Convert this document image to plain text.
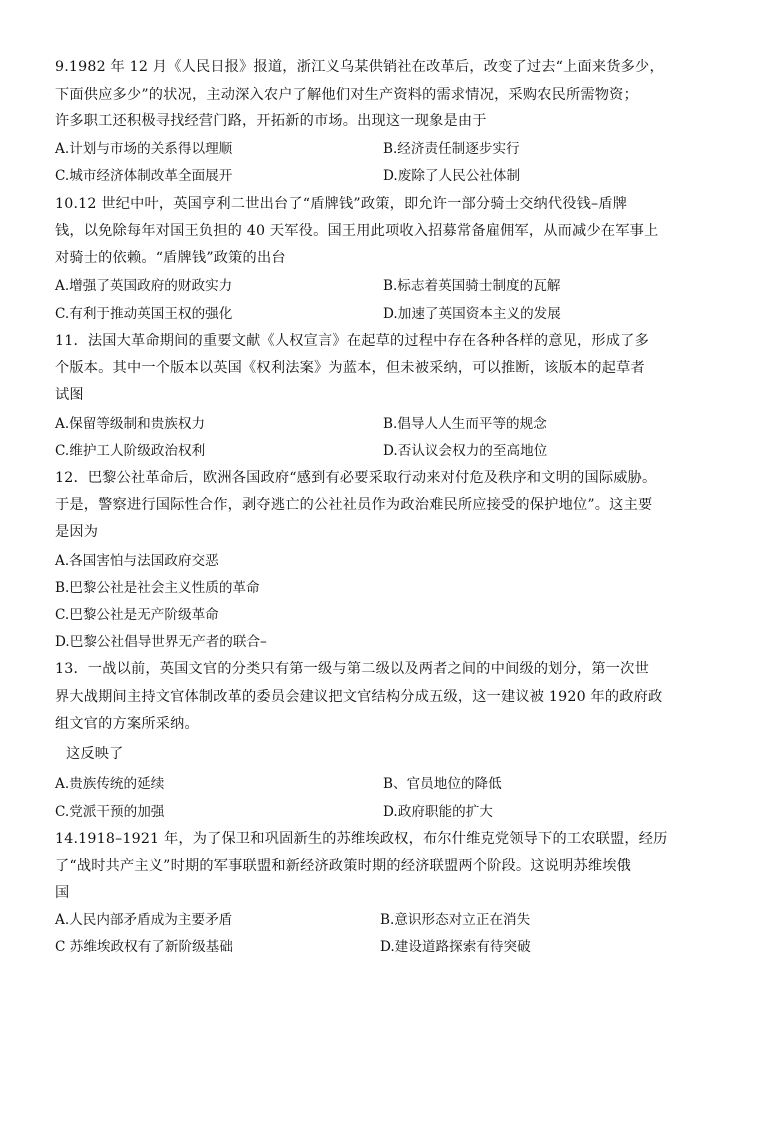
9.1982 年 12 月《人民日报》报道，浙江义乌某供销社在改革后，改变了过去“上面来货多少，
下面供应多少”的状况，主动深入农户了解他们对生产资料的需求情况，采购农民所需物资；
许多职工还积极寻找经营门路，开拓新的市场。出现这一现象是由于
A.计划与市场的关系得以理顺	B.经济责任制逐步实行
C.城市经济体制改革全面展开	D.废除了人民公社体制
10.12 世纪中叶，英国亨利二世出台了“盾牌钱”政策，即允许一部分骑士交纳代役钱–盾牌
钱，以免除每年对国王负担的 40 天军役。国王用此项收入招募常备雇佣军，从而减少在军事上
对骑士的依赖。“盾牌钱”政策的出台
A.增强了英国政府的财政实力	B.标志着英国骑士制度的瓦解
C.有利于推动英国王权的强化	D.加速了英国资本主义的发展
11．法国大革命期间的重要文献《人权宣言》在起草的过程中存在各种各样的意见，形成了多
个版本。其中一个版本以英国《权利法案》为蓝本，但未被采纳，可以推断，该版本的起草者
试图
A.保留等级制和贵族权力	B.倡导人人生而平等的规念
C.维护工人阶级政治权利	D.否认议会权力的至高地位
12．巴黎公社革命后，欧洲各国政府“感到有必要采取行动来对付危及秩序和文明的国际威胁。
于是，警察进行国际性合作，剥夺逃亡的公社社员作为政治难民所应接受的保护地位”。这主要
是因为
A.各国害怕与法国政府交恶
B.巴黎公社是社会主义性质的革命
C.巴黎公社是无产阶级革命
D.巴黎公社倡导世界无产者的联合–
13．一战以前，英国文官的分类只有第一级与第二级以及两者之间的中间级的划分，第一次世
界大战期间主持文官体制改革的委员会建议把文官结构分成五级，这一建议被 1920 年的政府政
组文官的方案所采纳。
这反映了
A.贵族传统的延续	B、官员地位的降低
C.党派干预的加强	D.政府职能的扩大
14.1918–1921 年，为了保卫和巩固新生的苏维埃政权，布尔什维克党领导下的工农联盟，经历
了“战时共产主义”时期的军事联盟和新经济政策时期的经济联盟两个阶段。这说明苏维埃俄
国
A.人民内部矛盾成为主要矛盾	B.意识形态对立正在消失
C 苏维埃政权有了新阶级基础	D.建设道路探索有待突破
